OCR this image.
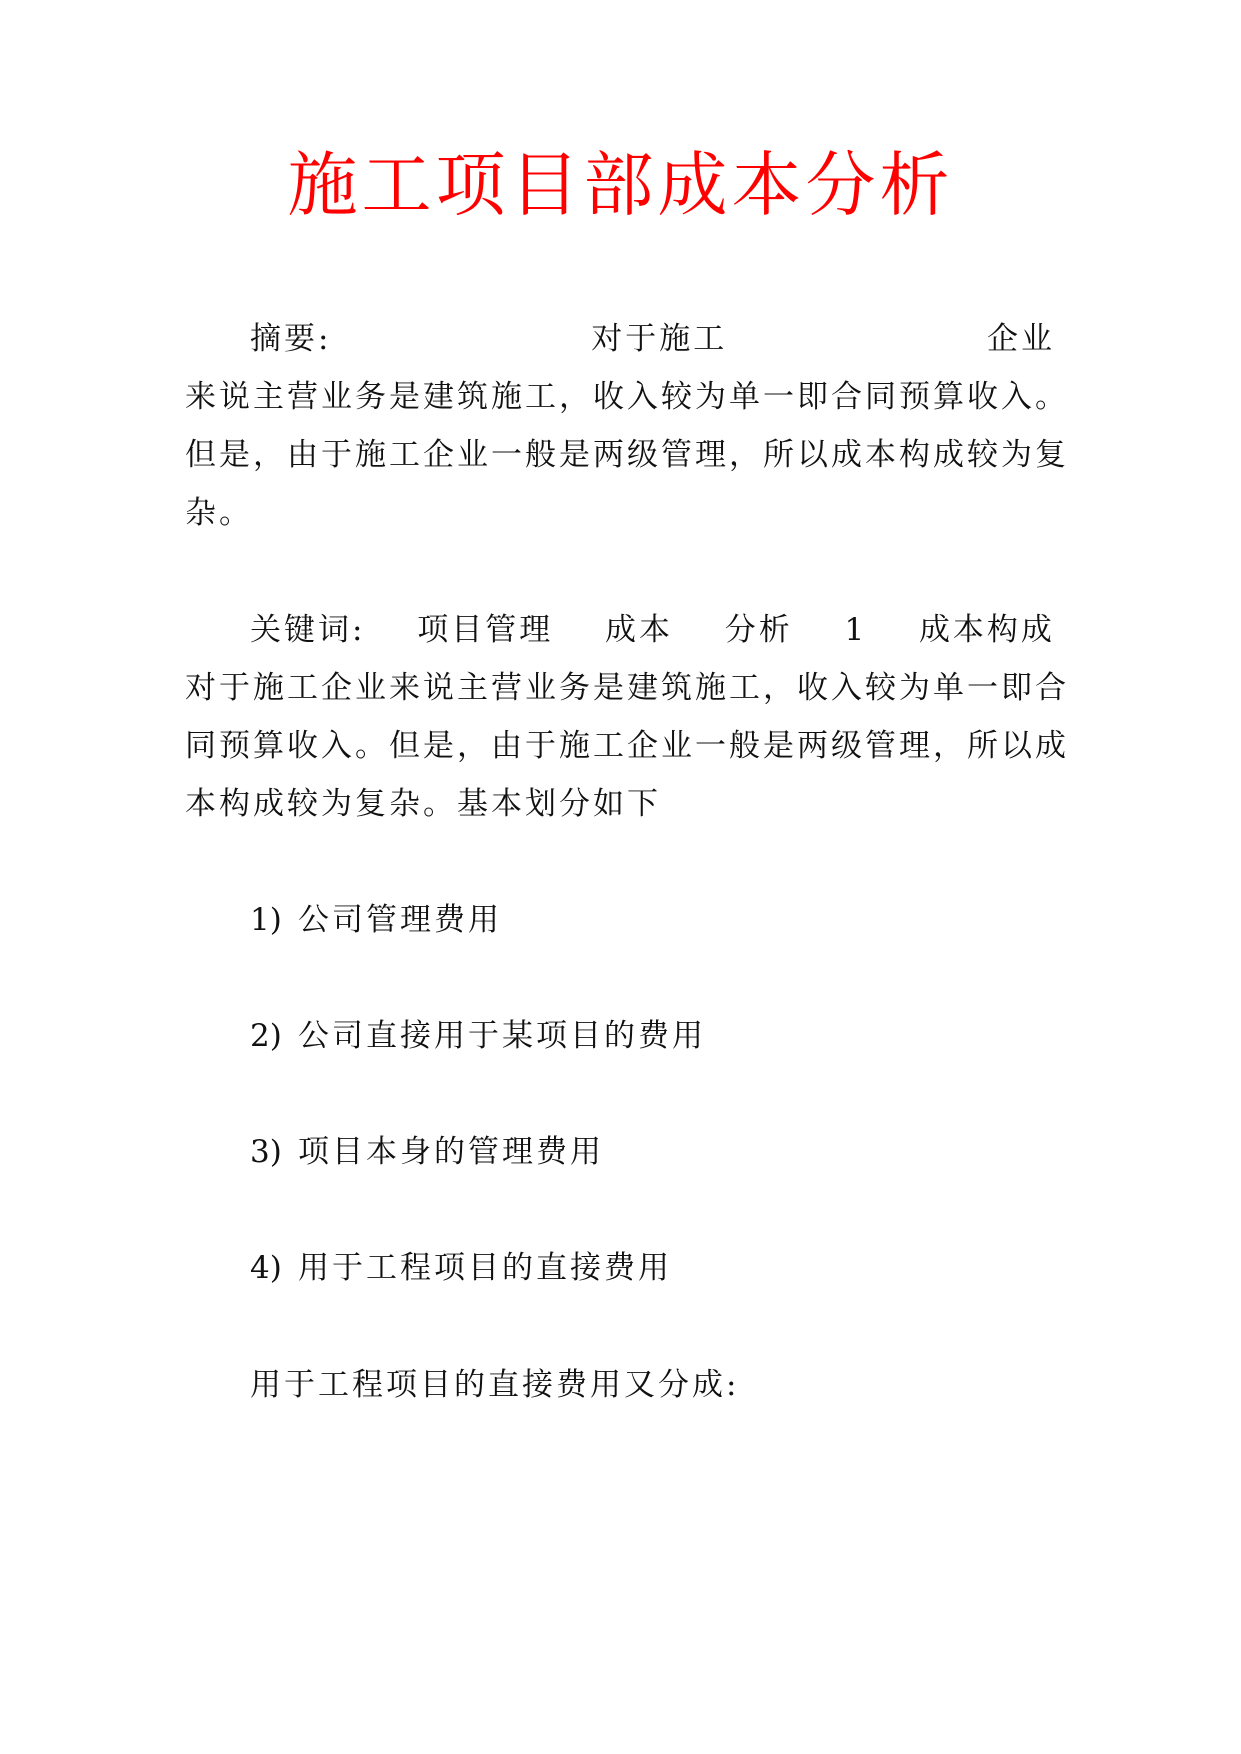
施工项目部成本分析
摘要:	对于施工	企业
来说主营业务是建筑施工，收入较为单一即合同预算收入。
但是，由于施工企业一般是两级管理，所以成本构成较为复
杂。
关键词: 项目管理 成本 分析 1 成本构成
对于施工企业来说主营业务是建筑施工，收入较为单一即合
同预算收入。但是，由于施工企业一般是两级管理，所以成
本构成较为复杂。基本划分如下
1) 公司管理费用
2) 公司直接用于某项目的费用
3) 项目本身的管理费用
4) 用于工程项目的直接费用
用于工程项目的直接费用又分成:
